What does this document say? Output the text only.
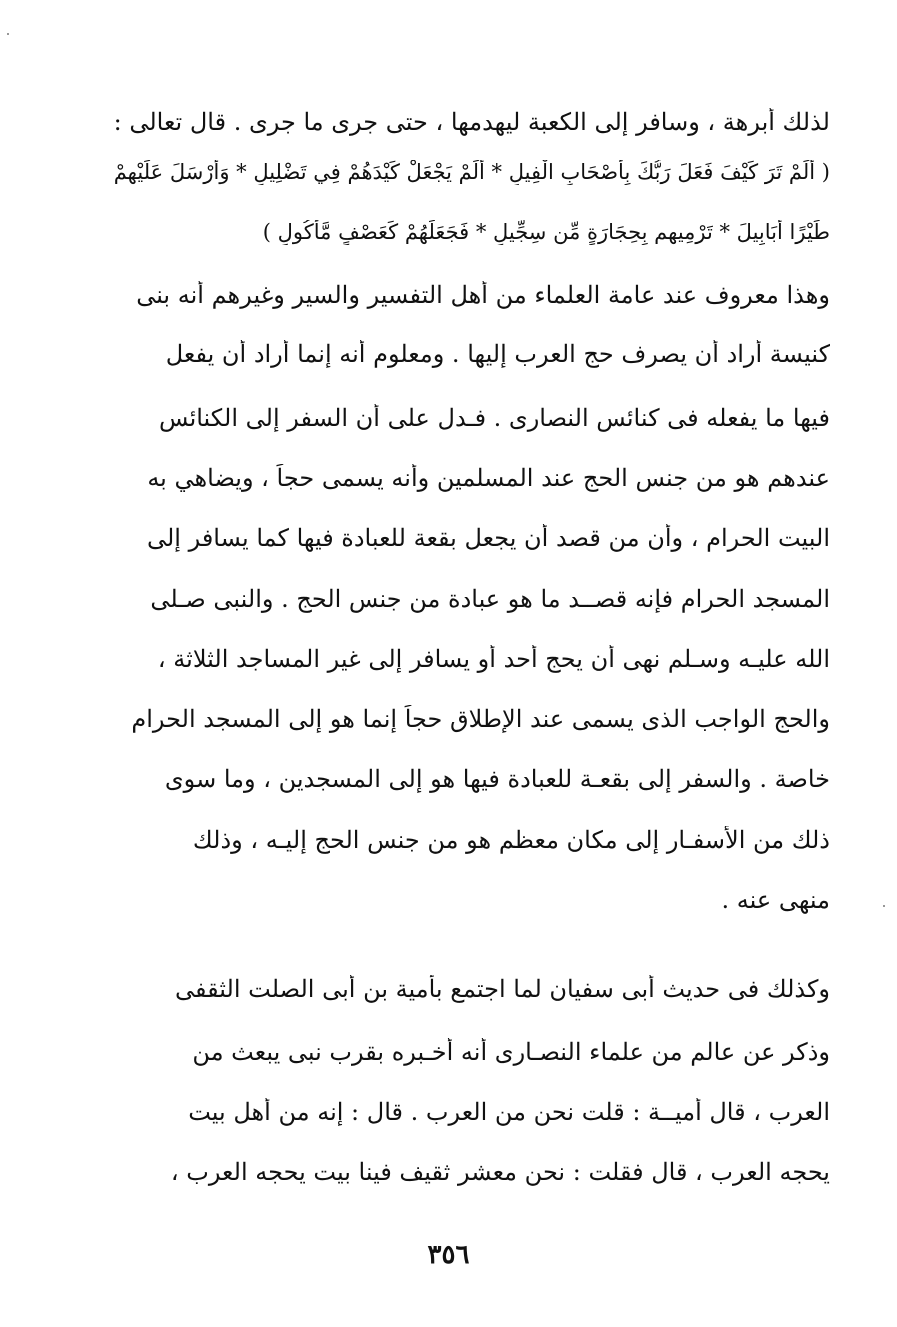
لذلك أبرهة ، وسافر إلى الكعبة ليهدمها ، حتى جرى ما جرى . قال تعالى :
( أَلَمْ تَرَ كَيْفَ فَعَلَ رَبُّكَ بِأَصْحَابِ الْفِيلِ * أَلَمْ يَجْعَلْ كَيْدَهُمْ فِي تَضْلِيلٍ * وَأَرْسَلَ عَلَيْهِمْ
طَيْرًا أَبَابِيلَ * تَرْمِيهِم بِحِجَارَةٍ مِّن سِجِّيلٍ * فَجَعَلَهُمْ كَعَصْفٍ مَّأْكُولٍ )
وهذا معروف عند عامة العلماء من أهل التفسير والسير وغيرهم أنه بنى
كنيسة أراد أن يصرف حج العرب إليها . ومعلوم أنه إنما أراد أن يفعل
فيها ما يفعله فى كنائس النصارى . فـدل على أن السفر إلى الكنائس
عندهم هو من جنس الحج عند المسلمين وأنه يسمى حجاً ، ويضاهي به
البيت الحرام ، وأن من قصد أن يجعل بقعة للعبادة فيها كما يسافر إلى
المسجد الحرام فإنه قصــد ما هو عبادة من جنس الحج . والنبى صـلى
الله عليـه وسـلم نهى أن يحج أحد أو يسافر إلى غير المساجد الثلاثة ،
والحج الواجب الذى يسمى عند الإطلاق حجاً إنما هو إلى المسجد الحرام
خاصة . والسفر إلى بقعـة للعبادة فيها هو إلى المسجدين ، وما سوى
ذلك من الأسفـار إلى مكان معظم هو من جنس الحج إليـه ، وذلك
منهى عنه .
وكذلك فى حديث أبى سفيان لما اجتمع بأمية بن أبى الصلت الثقفى
وذكر عن عالم من علماء النصـارى أنه أخـبره بقرب نبى يبعث من
العرب ، قال أميــة : قلت نحن من العرب . قال : إنه من أهل بيت
يحجه العرب ، قال فقلت : نحن معشر ثقيف فينا بيت يحجه العرب ،
٣٥٦
